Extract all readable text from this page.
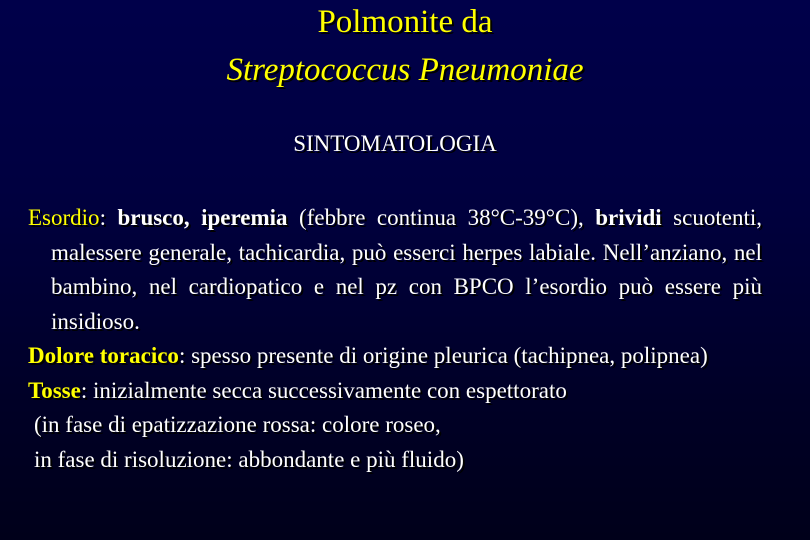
Polmonite da
Streptococcus Pneumoniae
SINTOMATOLOGIA

Esordio: brusco, iperemia (febbre continua 38°C-39°C), brividi scuotenti, malessere generale, tachicardia, può esserci herpes labiale. Nell’anziano, nel bambino, nel cardiopatico e nel pz con BPCO l’esordio può essere più insidioso.

Dolore toracico: spesso presente di origine pleurica (tachipnea, polipnea)

Tosse: inizialmente secca successivamente con espettorato

(in fase di epatizzazione rossa: colore roseo,

in fase di risoluzione: abbondante e più fluido)
